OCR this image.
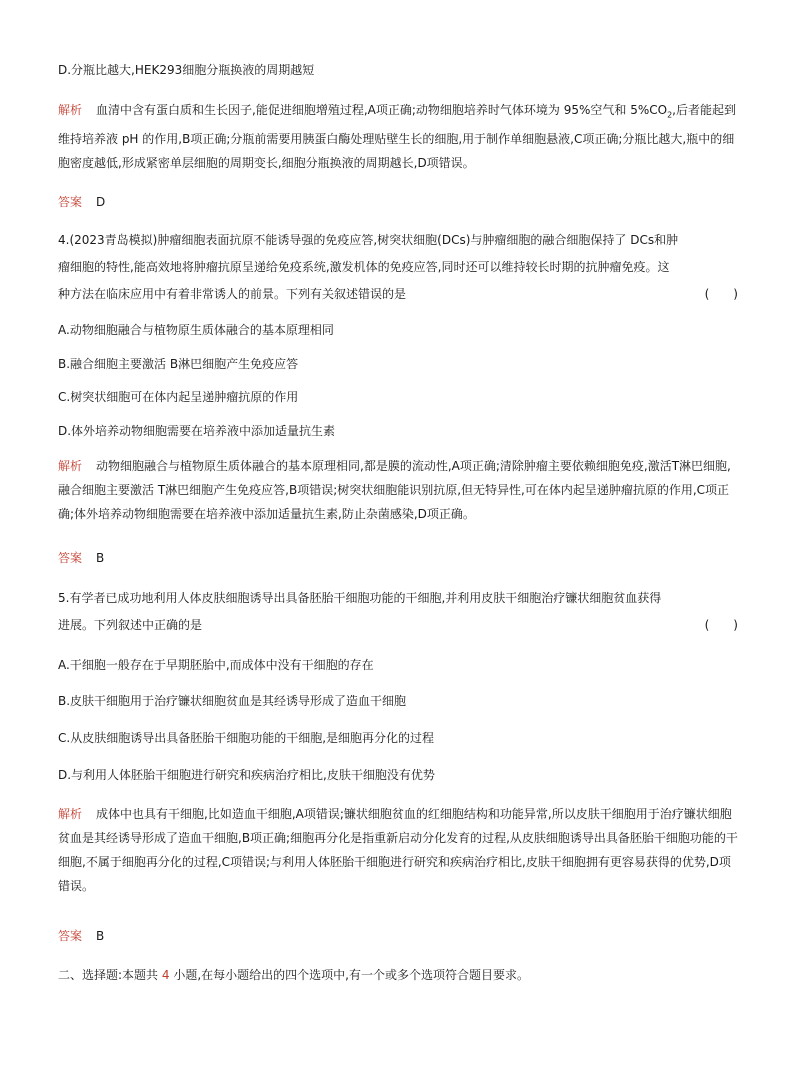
D.分瓶比越大,HEK293细胞分瓶换液的周期越短
解析 血清中含有蛋白质和生长因子,能促进细胞增殖过程,A项正确;动物细胞培养时气体环境为 95%空气和 $5\%CO_2$,后者能起到维持培养液 pH 的作用,B项正确;分瓶前需要用胰蛋白酶处理贴壁生长的细胞,用于制作单细胞悬液,C项正确;分瓶比越大,瓶中的细胞密度越低,形成紧密单层细胞的周期变长,细胞分瓶换液的周期越长,D项错误。
答案 D
4.(2023青岛模拟)肿瘤细胞表面抗原不能诱导强的免疫应答,树突状细胞(DCs)与肿瘤细胞的融合细胞保持了 DCs和肿
瘤细胞的特性,能高效地将肿瘤抗原呈递给免疫系统,激发机体的免疫应答,同时还可以维持较长时期的抗肿瘤免疫。这
种方法在临床应用中有着非常诱人的前景。下列有关叙述错误的是	(　　)
A.动物细胞融合与植物原生质体融合的基本原理相同
B.融合细胞主要激活 B淋巴细胞产生免疫应答
C.树突状细胞可在体内起呈递肿瘤抗原的作用
D.体外培养动物细胞需要在培养液中添加适量抗生素
解析 动物细胞融合与植物原生质体融合的基本原理相同,都是膜的流动性,A项正确;清除肿瘤主要依赖细胞免疫,激活T淋巴细胞,融合细胞主要激活 T淋巴细胞产生免疫应答,B项错误;树突状细胞能识别抗原,但无特异性,可在体内起呈递肿瘤抗原的作用,C项正确;体外培养动物细胞需要在培养液中添加适量抗生素,防止杂菌感染,D项正确。
答案 B
5.有学者已成功地利用人体皮肤细胞诱导出具备胚胎干细胞功能的干细胞,并利用皮肤干细胞治疗镰状细胞贫血获得
进展。下列叙述中正确的是	(　　)
A.干细胞一般存在于早期胚胎中,而成体中没有干细胞的存在
B.皮肤干细胞用于治疗镰状细胞贫血是其经诱导形成了造血干细胞
C.从皮肤细胞诱导出具备胚胎干细胞功能的干细胞,是细胞再分化的过程
D.与利用人体胚胎干细胞进行研究和疾病治疗相比,皮肤干细胞没有优势
解析 成体中也具有干细胞,比如造血干细胞,A项错误;镰状细胞贫血的红细胞结构和功能异常,所以皮肤干细胞用于治疗镰状细胞贫血是其经诱导形成了造血干细胞,B项正确;细胞再分化是指重新启动分化发育的过程,从皮肤细胞诱导出具备胚胎干细胞功能的干细胞,不属于细胞再分化的过程,C项错误;与利用人体胚胎干细胞进行研究和疾病治疗相比,皮肤干细胞拥有更容易获得的优势,D项错误。
答案 B
二、选择题:本题共 4 小题,在每小题给出的四个选项中,有一个或多个选项符合题目要求。
